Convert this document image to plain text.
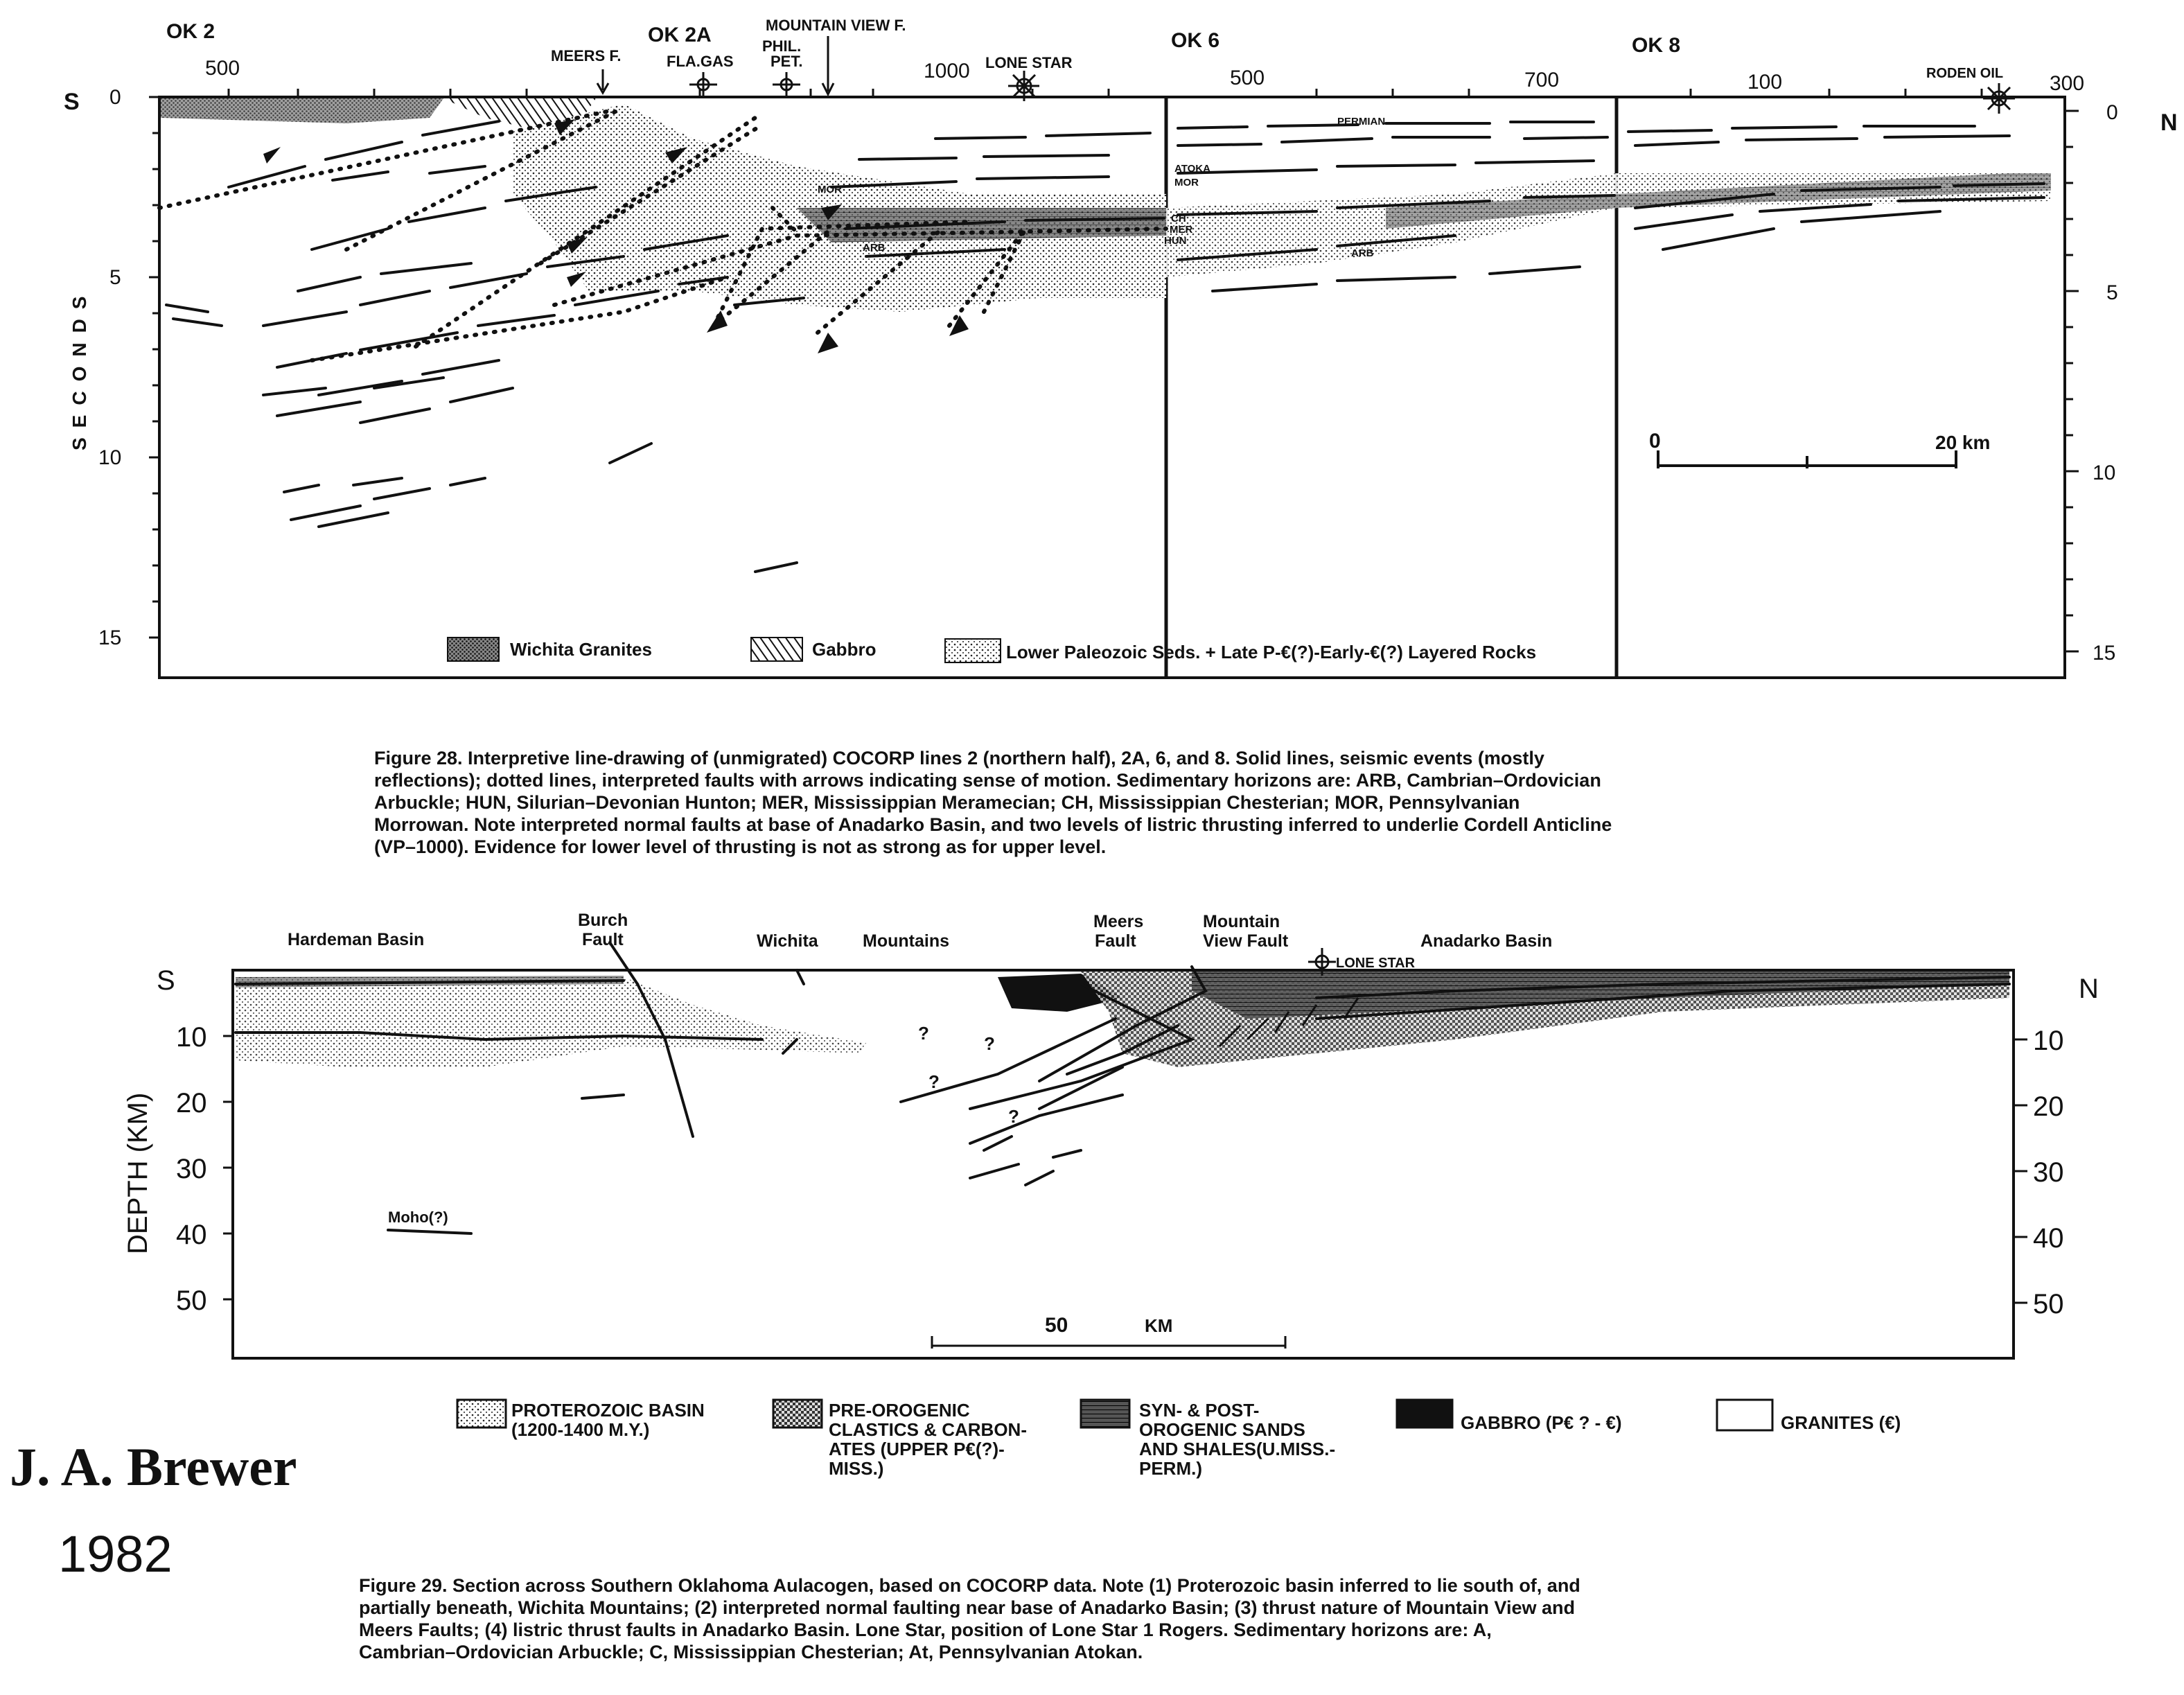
OK 2	OK 2A	OK 6	OK 8
MEERS F.	FLA.GAS
PHIL.
PET.
MOUNTAIN VIEW F.
LONE STAR
RODEN OIL
500	1000	500	700	100	300
S
N
0
5
10
15
SECONDS
0
5
10
15
PERMIAN
ATOKA
MOR
MOR
CH
MER
HUN
ARB	ARB
0	20 km
Wichita Granites	Gabbro	Lower Paleozoic Seds. + Late P-€(?)-Early-€(?) Layered Rocks
?	?
?
?
Hardeman Basin
Burch
Fault	Wichita	Mountains
Meers
Fault
Mountain
View Fault
LONE STAR
Anadarko Basin
Moho(?)
S	N
10
20
30
40
50
DEPTH (KM)
10
20
30
40
50
50	KM
PROTEROZOIC BASIN
(1200-1400 M.Y.)
PRE-OROGENIC
CLASTICS & CARBON-
ATES (UPPER P€(?)-
MISS.)
SYN- & POST-
OROGENIC SANDS
AND SHALES(U.MISS.-
PERM.)
GABBRO (P€ ? - €)	GRANITES (€)
Figure 28. Interpretive line-drawing of (unmigrated) COCORP lines 2 (northern half), 2A, 6, and 8. Solid lines, seismic events (mostly
reflections); dotted lines, interpreted faults with arrows indicating sense of motion. Sedimentary horizons are: ARB, Cambrian–Ordovician
Arbuckle; HUN, Silurian–Devonian Hunton; MER, Mississippian Meramecian; CH, Mississippian Chesterian; MOR, Pennsylvanian
Morrowan. Note interpreted normal faults at base of Anadarko Basin, and two levels of listric thrusting inferred to underlie Cordell Anticline
(VP–1000). Evidence for lower level of thrusting is not as strong as for upper level.
Figure 29. Section across Southern Oklahoma Aulacogen, based on COCORP data. Note (1) Proterozoic basin inferred to lie south of, and
partially beneath, Wichita Mountains; (2) interpreted normal faulting near base of Anadarko Basin; (3) thrust nature of Mountain View and
Meers Faults; (4) listric thrust faults in Anadarko Basin. Lone Star, position of Lone Star 1 Rogers. Sedimentary horizons are: A,
Cambrian–Ordovician Arbuckle; C, Mississippian Chesterian; At, Pennsylvanian Atokan.
J. A. Brewer
1982
